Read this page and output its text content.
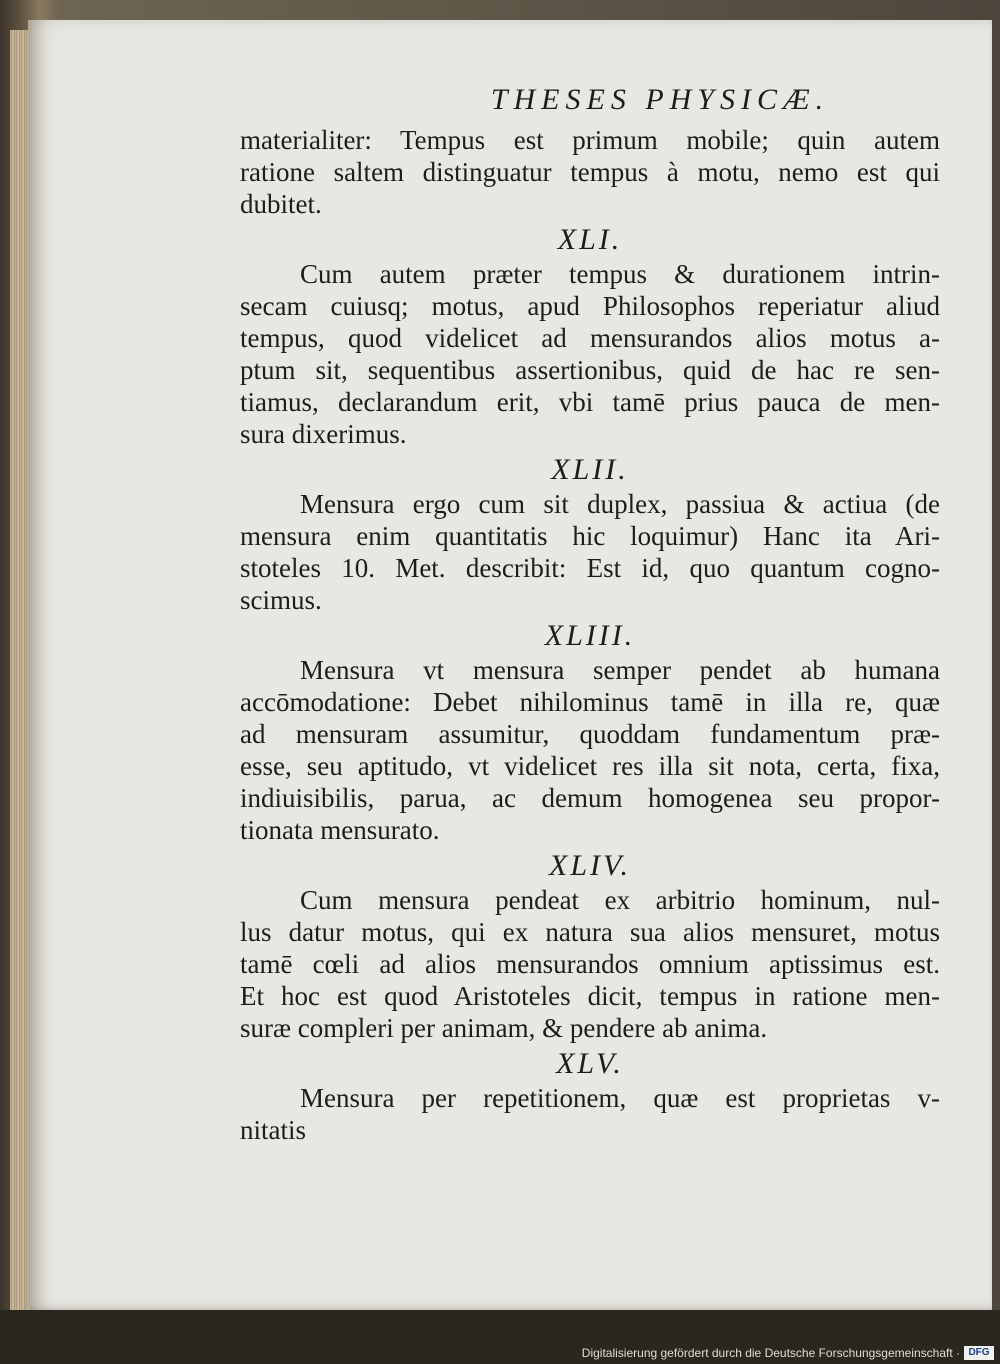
THESES PHYSICÆ.
materialiter: Tempus est primum mobile; quin autem
ratione saltem distinguatur tempus à motu, nemo est qui
dubitet.
XLI.
Cum autem præter tempus & durationem intrin-
secam cuiusq; motus, apud Philosophos reperiatur aliud
tempus, quod videlicet ad mensurandos alios motus a-
ptum sit, sequentibus assertionibus, quid de hac re sen-
tiamus, declarandum erit, vbi tamē prius pauca de men-
sura dixerimus.
XLII.
Mensura ergo cum sit duplex, passiua & actiua (de
mensura enim quantitatis hic loquimur) Hanc ita Ari-
stoteles 10. Met. describit: Est id, quo quantum cogno-
scimus.
XLIII.
Mensura vt mensura semper pendet ab humana
accōmodatione: Debet nihilominus tamē in illa re, quæ
ad mensuram assumitur, quoddam fundamentum præ-
esse, seu aptitudo, vt videlicet res illa sit nota, certa, fixa,
indiuisibilis, parua, ac demum homogenea seu propor-
tionata mensurato.
XLIV.
Cum mensura pendeat ex arbitrio hominum, nul-
lus datur motus, qui ex natura sua alios mensuret, motus
tamē cœli ad alios mensurandos omnium aptissimus est.
Et hoc est quod Aristoteles dicit, tempus in ratione men-
suræ compleri per animam, & pendere ab anima.
XLV.
Mensura per repetitionem, quæ est proprietas v-
nitatis
Digitalisierung gefördert durch die Deutsche Forschungsgemeinschaft · DFG
